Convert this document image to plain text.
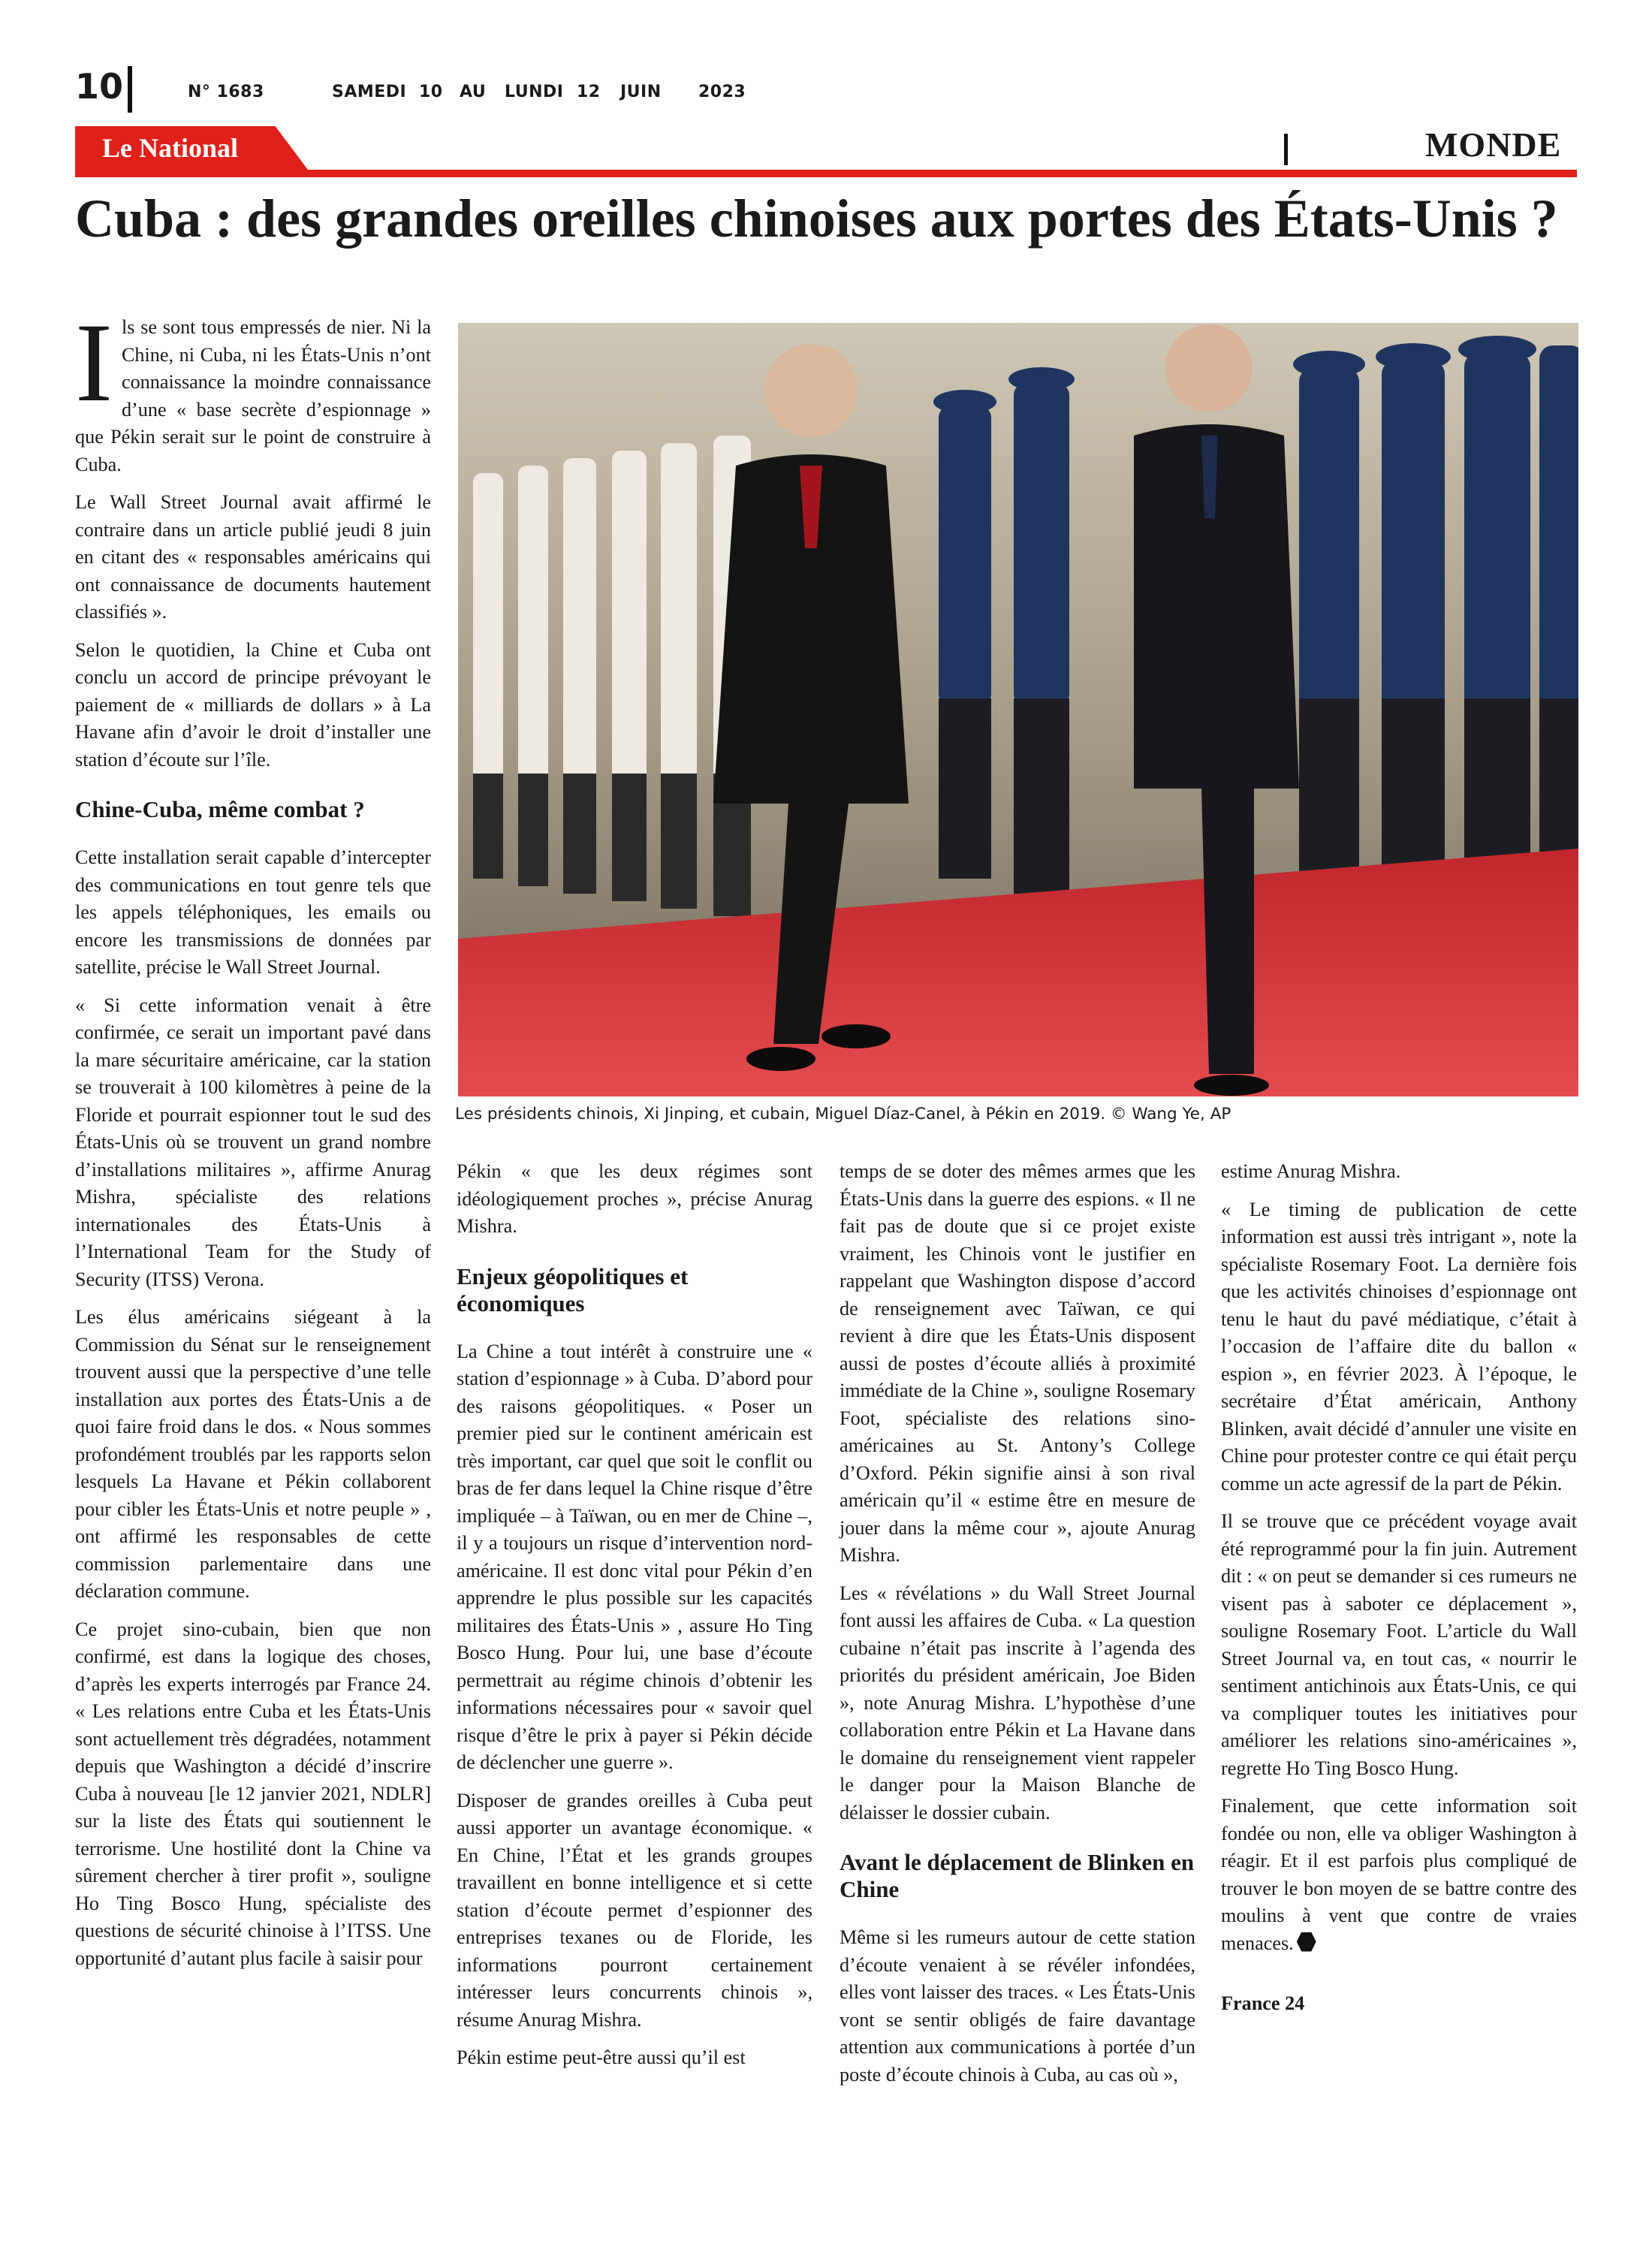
10	N° 1683	SAMEDI 10 AU LUNDI 12 JUIN 2023
Le National	MONDE
Cuba : des grandes oreilles chinoises aux portes des États-Unis ?
Les présidents chinois, Xi Jinping, et cubain, Miguel Díaz-Canel, à Pékin en 2019. © Wang Ye, AP

Ils se sont tous empressés de nier. Ni la Chine, ni Cuba, ni les États-Unis n’ont connaissance la moindre connaissance d’une « base secrète d’espionnage » que Pékin serait sur le point de construire à Cuba.

Le Wall Street Journal avait affirmé le contraire dans un article publié jeudi 8 juin en citant des « responsables américains qui ont connaissance de documents hautement classifiés ».

Selon le quotidien, la Chine et Cuba ont conclu un accord de principe prévoyant le paiement de « milliards de dollars » à La Havane afin d’avoir le droit d’installer une station d’écoute sur l’île.

Chine-Cuba, même combat ?

Cette installation serait capable d’intercepter des communications en tout genre tels que les appels téléphoniques, les emails ou encore les transmissions de données par satellite, précise le Wall Street Journal.

« Si cette information venait à être confirmée, ce serait un important pavé dans la mare sécuritaire américaine, car la station se trouverait à 100 kilomètres à peine de la Floride et pourrait espionner tout le sud des États-Unis où se trouvent un grand nombre d’installations militaires », affirme Anurag Mishra, spécialiste des relations internationales des États-Unis à l’International Team for the Study of Security (ITSS) Verona.

Les élus américains siégeant à la Commission du Sénat sur le renseignement trouvent aussi que la perspective d’une telle installation aux portes des États-Unis a de quoi faire froid dans le dos. « Nous sommes profondément troublés par les rapports selon lesquels La Havane et Pékin collaborent pour cibler les États-Unis et notre peuple » , ont affirmé les responsables de cette commission parlementaire dans une déclaration commune.

Ce projet sino-cubain, bien que non confirmé, est dans la logique des choses, d’après les experts interrogés par France 24. « Les relations entre Cuba et les États-Unis sont actuellement très dégradées, notamment depuis que Washington a décidé d’inscrire Cuba à nouveau [le 12 janvier 2021, NDLR] sur la liste des États qui soutiennent le terrorisme. Une hostilité dont la Chine va sûrement chercher à tirer profit », souligne Ho Ting Bosco Hung, spécialiste des questions de sécurité chinoise à l’ITSS. Une opportunité d’autant plus facile à saisir pour

Pékin « que les deux régimes sont idéologiquement proches », précise Anurag Mishra.

Enjeux géopolitiques et économiques

La Chine a tout intérêt à construire une « station d’espionnage » à Cuba. D’abord pour des raisons géopolitiques. « Poser un premier pied sur le continent américain est très important, car quel que soit le conflit ou bras de fer dans lequel la Chine risque d’être impliquée – à Taïwan, ou en mer de Chine –, il y a toujours un risque d’intervention nord-américaine. Il est donc vital pour Pékin d’en apprendre le plus possible sur les capacités militaires des États-Unis » , assure Ho Ting Bosco Hung. Pour lui, une base d’écoute permettrait au régime chinois d’obtenir les informations nécessaires pour « savoir quel risque d’être le prix à payer si Pékin décide de déclencher une guerre ».

Disposer de grandes oreilles à Cuba peut aussi apporter un avantage économique. « En Chine, l’État et les grands groupes travaillent en bonne intelligence et si cette station d’écoute permet d’espionner des entreprises texanes ou de Floride, les informations pourront certainement intéresser leurs concurrents chinois », résume Anurag Mishra.

Pékin estime peut-être aussi qu’il est

temps de se doter des mêmes armes que les États-Unis dans la guerre des espions. « Il ne fait pas de doute que si ce projet existe vraiment, les Chinois vont le justifier en rappelant que Washington dispose d’accord de renseignement avec Taïwan, ce qui revient à dire que les États-Unis disposent aussi de postes d’écoute alliés à proximité immédiate de la Chine », souligne Rosemary Foot, spécialiste des relations sino-américaines au St. Antony’s College d’Oxford. Pékin signifie ainsi à son rival américain qu’il « estime être en mesure de jouer dans la même cour », ajoute Anurag Mishra.

Les « révélations » du Wall Street Journal font aussi les affaires de Cuba. « La question cubaine n’était pas inscrite à l’agenda des priorités du président américain, Joe Biden », note Anurag Mishra. L’hypothèse d’une collaboration entre Pékin et La Havane dans le domaine du renseignement vient rappeler le danger pour la Maison Blanche de délaisser le dossier cubain.

Avant le déplacement de Blinken en Chine

Même si les rumeurs autour de cette station d’écoute venaient à se révéler infondées, elles vont laisser des traces. « Les États-Unis vont se sentir obligés de faire davantage attention aux communications à portée d’un poste d’écoute chinois à Cuba, au cas où »,

estime Anurag Mishra.

« Le timing de publication de cette information est aussi très intrigant », note la spécialiste Rosemary Foot. La dernière fois que les activités chinoises d’espionnage ont tenu le haut du pavé médiatique, c’était à l’occasion de l’affaire dite du ballon « espion », en février 2023. À l’époque, le secrétaire d’État américain, Anthony Blinken, avait décidé d’annuler une visite en Chine pour protester contre ce qui était perçu comme un acte agressif de la part de Pékin.

Il se trouve que ce précédent voyage avait été reprogrammé pour la fin juin. Autrement dit : « on peut se demander si ces rumeurs ne visent pas à saboter ce déplacement », souligne Rosemary Foot. L’article du Wall Street Journal va, en tout cas, « nourrir le sentiment antichinois aux États-Unis, ce qui va compliquer toutes les initiatives pour améliorer les relations sino-américaines », regrette Ho Ting Bosco Hung.

Finalement, que cette information soit fondée ou non, elle va obliger Washington à réagir. Et il est parfois plus compliqué de trouver le bon moyen de se battre contre des moulins à vent que contre de vraies menaces.

France 24
